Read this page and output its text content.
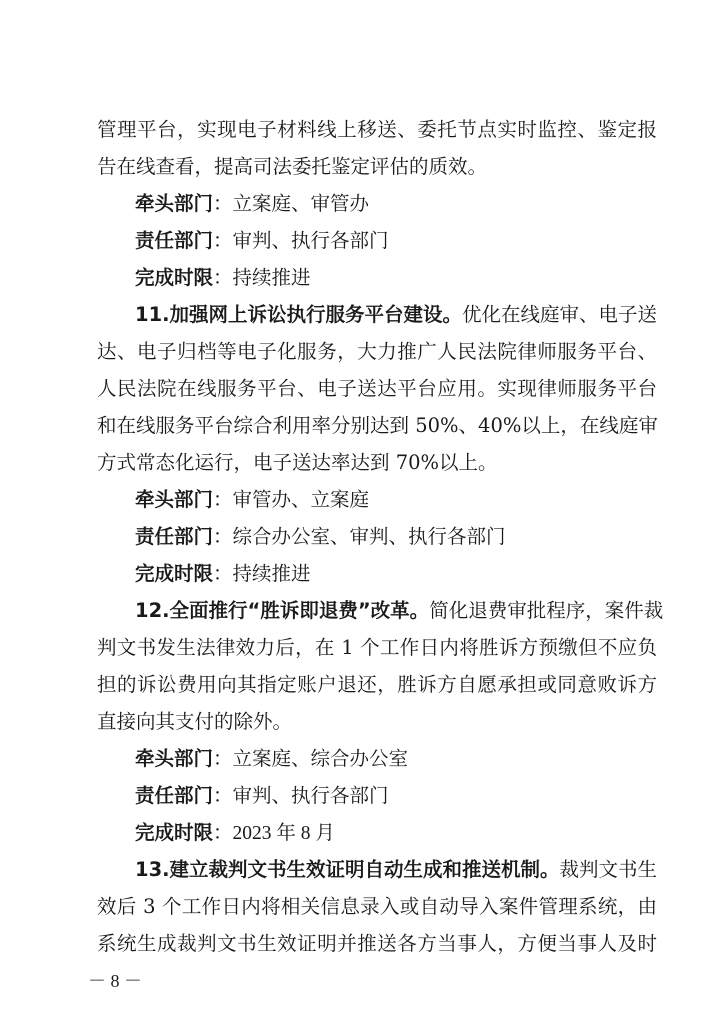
管理平台，实现电子材料线上移送、委托节点实时监控、鉴定报
告在线查看，提高司法委托鉴定评估的质效。
牵头部门：立案庭、审管办
责任部门：审判、执行各部门
完成时限：持续推进
11.加强网上诉讼执行服务平台建设。优化在线庭审、电子送
达、电子归档等电子化服务，大力推广人民法院律师服务平台、
人民法院在线服务平台、电子送达平台应用。实现律师服务平台
和在线服务平台综合利用率分别达到 50%、40%以上，在线庭审
方式常态化运行，电子送达率达到 70%以上。
牵头部门：审管办、立案庭
责任部门：综合办公室、审判、执行各部门
完成时限：持续推进
12.全面推行“胜诉即退费”改革。简化退费审批程序，案件裁
判文书发生法律效力后，在 1 个工作日内将胜诉方预缴但不应负
担的诉讼费用向其指定账户退还，胜诉方自愿承担或同意败诉方
直接向其支付的除外。
牵头部门：立案庭、综合办公室
责任部门：审判、执行各部门
完成时限：2023 年 8 月
13.建立裁判文书生效证明自动生成和推送机制。裁判文书生
效后 3 个工作日内将相关信息录入或自动导入案件管理系统，由
系统生成裁判文书生效证明并推送各方当事人，方便当事人及时
－ 8 －
